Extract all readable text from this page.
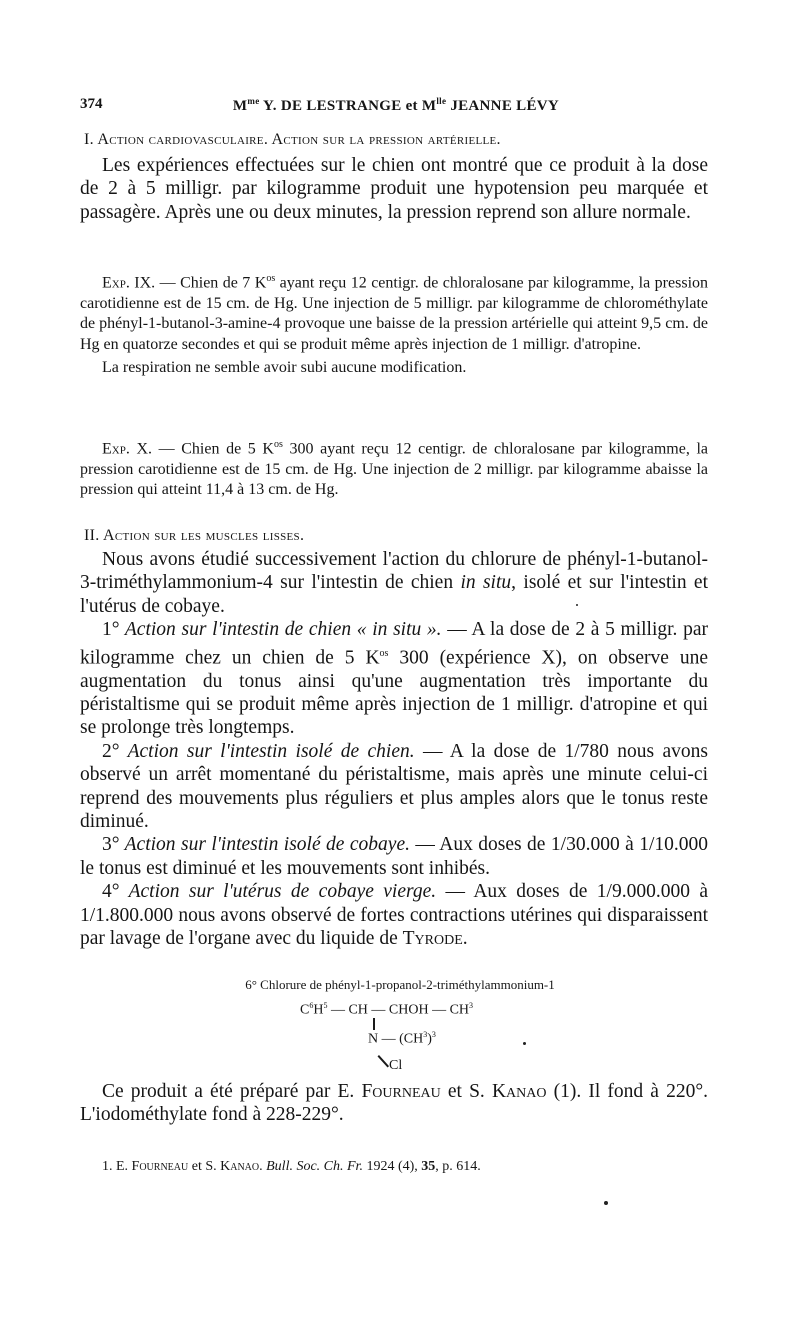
374	$M^{me}$ Y. DE LESTRANGE et $M^{lle}$ JEANNE LÉVY

I. Action cardiovasculaire. Action sur la pression artérielle.

Les expériences effectuées sur le chien ont montré que ce produit à la dose de 2 à 5 milligr. par kilogramme produit une hypotension peu marquée et passagère. Après une ou deux minutes, la pression reprend son allure normale.

Exp. IX. — Chien de 7 $K^{os}$ ayant reçu 12 centigr. de chloralosane par kilogramme, la pression carotidienne est de 15 cm. de Hg. Une injection de 5 milligr. par kilogramme de chlorométhylate de phényl-1-butanol-3-amine-4 provoque une baisse de la pression artérielle qui atteint 9,5 cm. de Hg en quatorze secondes et qui se produit même après injection de 1 milligr. d'atropine.

La respiration ne semble avoir subi aucune modification.

Exp. X. — Chien de 5 $K^{os}$ 300 ayant reçu 12 centigr. de chloralosane par kilogramme, la pression carotidienne est de 15 cm. de Hg. Une injection de 2 milligr. par kilogramme abaisse la pression qui atteint 11,4 à 13 cm. de Hg.

II. Action sur les muscles lisses.

Nous avons étudié successivement l'action du chlorure de phényl-1-butanol-3-triméthylammonium-4 sur l'intestin de chien in situ, isolé et sur l'intestin et l'utérus de cobaye.

1° Action sur l'intestin de chien « in situ ». — A la dose de 2 à 5 milligr. par kilogramme chez un chien de 5 $K^{os}$ 300 (expérience X), on observe une augmentation du tonus ainsi qu'une augmentation très importante du péristaltisme qui se produit même après injection de 1 milligr. d'atropine et qui se prolonge très longtemps.

2° Action sur l'intestin isolé de chien. — A la dose de 1/780 nous avons observé un arrêt momentané du péristaltisme, mais après une minute celui-ci reprend des mouvements plus réguliers et plus amples alors que le tonus reste diminué.

3° Action sur l'intestin isolé de cobaye. — Aux doses de 1/30.000 à 1/10.000 le tonus est diminué et les mouvements sont inhibés.

4° Action sur l'utérus de cobaye vierge. — Aux doses de 1/9.000.000 à 1/1.800.000 nous avons observé de fortes contractions utérines qui disparaissent par lavage de l'organe avec du liquide de Tyrode.

6° Chlorure de phényl-1-propanol-2-triméthylammonium-1
$C^6H^5$ — CH — CHOH — $CH^3$
N — $(CH^3)^3$
Cl

Ce produit a été préparé par E. Fourneau et S. Kanao (1). Il fond à 220°. L'iodométhylate fond à 228-229°.

1. E. Fourneau et S. Kanao. Bull. Soc. Ch. Fr. 1924 (4), 35, p. 614.
